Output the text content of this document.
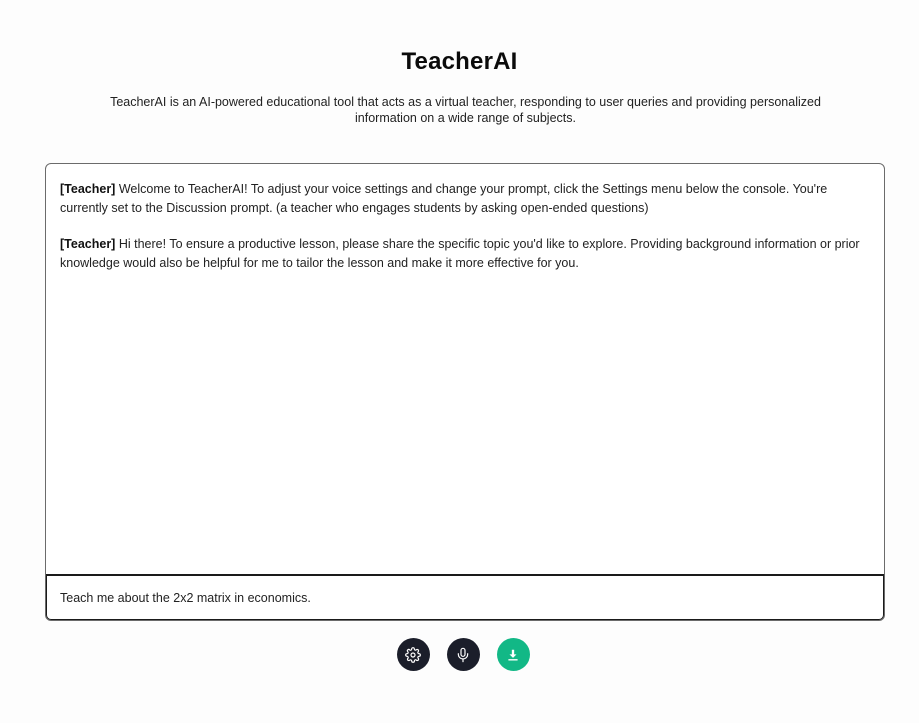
TeacherAI
TeacherAI is an AI-powered educational tool that acts as a virtual teacher, responding to user queries and providing personalized information on a wide range of subjects.

[Teacher] Welcome to TeacherAI! To adjust your voice settings and change your prompt, click the Settings menu below the console. You're currently set to the Discussion prompt. (a teacher who engages students by asking open-ended questions)

[Teacher] Hi there! To ensure a productive lesson, please share the specific topic you'd like to explore. Providing background information or prior knowledge would also be helpful for me to tailor the lesson and make it more effective for you.

Teach me about the 2x2 matrix in economics.
